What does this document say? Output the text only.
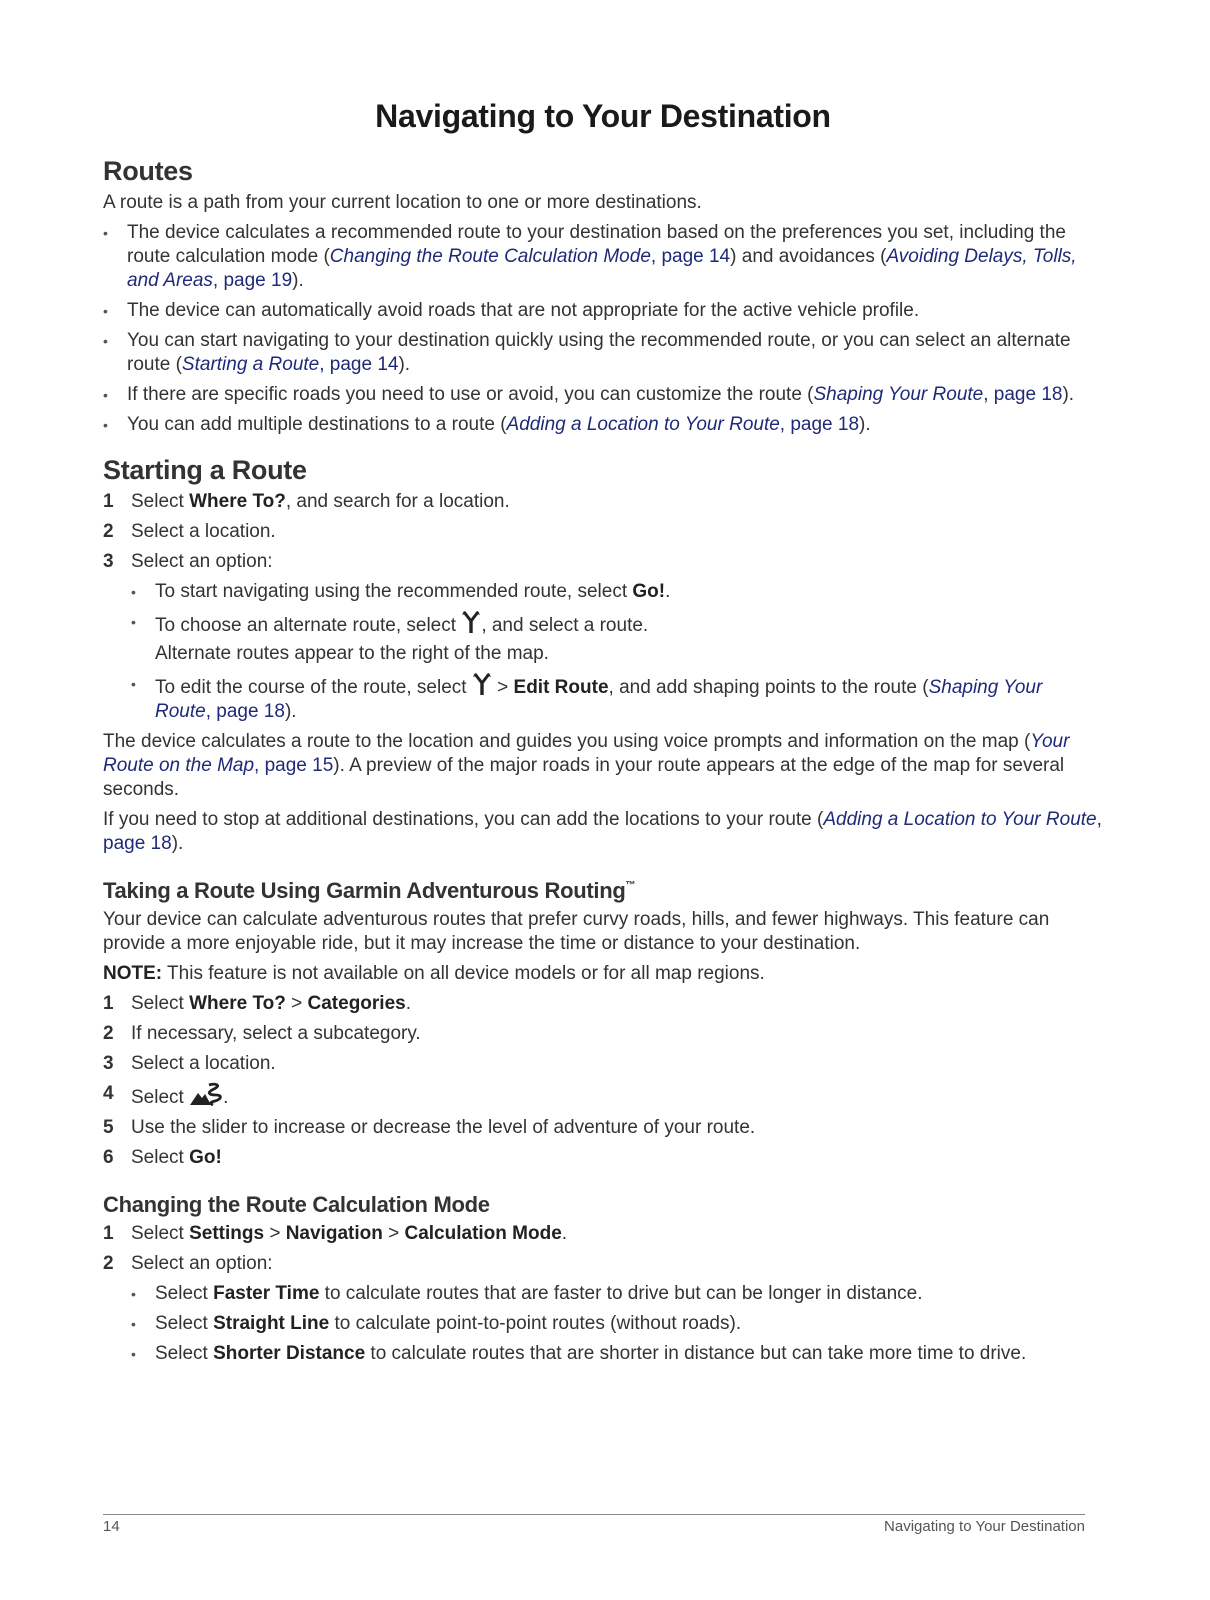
Navigating to Your Destination
Routes

A route is a path from your current location to one or more destinations.

• The device calculates a recommended route to your destination based on the preferences you set, including the route calculation mode (Changing the Route Calculation Mode, page 14) and avoidances (Avoiding Delays, Tolls, and Areas, page 19).
• The device can automatically avoid roads that are not appropriate for the active vehicle profile.
• You can start navigating to your destination quickly using the recommended route, or you can select an alternate route (Starting a Route, page 14).
• If there are specific roads you need to use or avoid, you can customize the route (Shaping Your Route, page 18).
• You can add multiple destinations to a route (Adding a Location to Your Route, page 18).
Starting a Route
1 Select Where To?, and search for a location.
2 Select a location.
3 Select an option:
• To start navigating using the recommended route, select Go!.
• To choose an alternate route, select , and select a route.

Alternate routes appear to the right of the map.

• To edit the course of the route, select  > Edit Route, and add shaping points to the route (Shaping Your Route, page 18).

The device calculates a route to the location and guides you using voice prompts and information on the map (Your Route on the Map, page 15). A preview of the major roads in your route appears at the edge of the map for several seconds.

If you need to stop at additional destinations, you can add the locations to your route (Adding a Location to Your Route, page 18).

Taking a Route Using Garmin Adventurous Routing™

Your device can calculate adventurous routes that prefer curvy roads, hills, and fewer highways. This feature can provide a more enjoyable ride, but it may increase the time or distance to your destination.

NOTE: This feature is not available on all device models or for all map regions.

1 Select Where To? > Categories.
2 If necessary, select a subcategory.
3 Select a location.
4 Select .
5 Use the slider to increase or decrease the level of adventure of your route.
6 Select Go!
Changing the Route Calculation Mode
1 Select Settings > Navigation > Calculation Mode.
2 Select an option:
• Select Faster Time to calculate routes that are faster to drive but can be longer in distance.
• Select Straight Line to calculate point-to-point routes (without roads).
• Select Shorter Distance to calculate routes that are shorter in distance but can take more time to drive.
14	Navigating to Your Destination
